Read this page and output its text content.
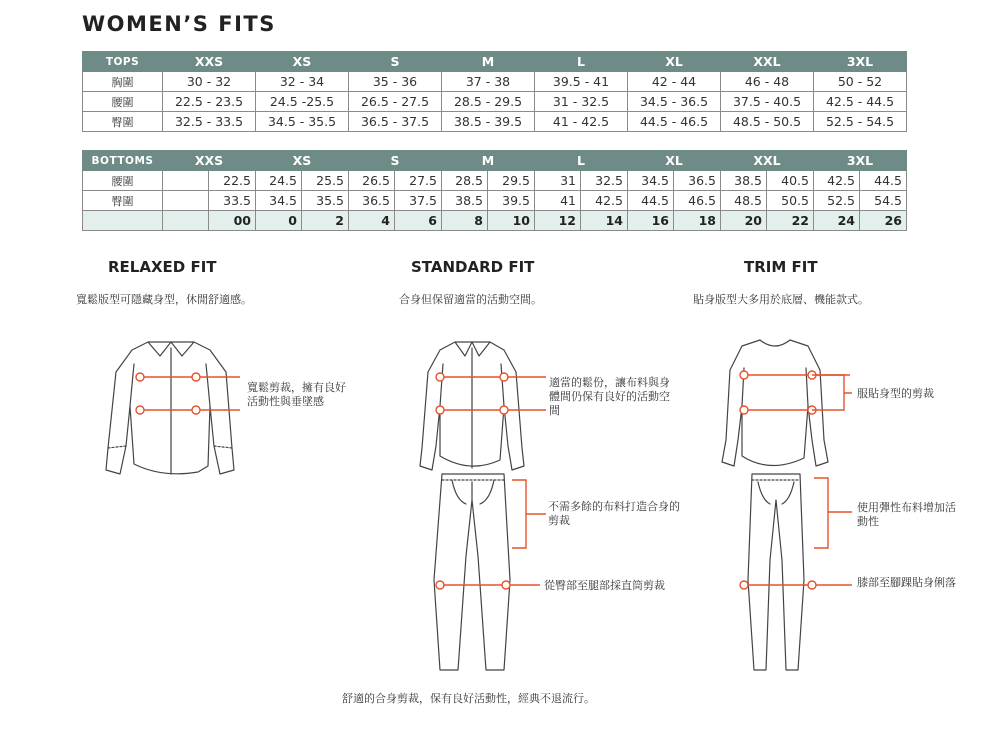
WOMEN’S FITS
TOPS	XXS	XS	S	M	L	XL	XXL	3XL
胸圍	30 - 32	32 - 34	35 - 36	37 - 38	39.5 - 41	42 - 44	46 - 48	50 - 52
腰圍	22.5 - 23.5	24.5 -25.5	26.5 - 27.5	28.5 - 29.5	31 - 32.5	34.5 - 36.5	37.5 - 40.5	42.5 - 44.5
臀圍	32.5 - 33.5	34.5 - 35.5	36.5 - 37.5	38.5 - 39.5	41 - 42.5	44.5 - 46.5	48.5 - 50.5	52.5 - 54.5
BOTTOMS	XXS		XS		S		M		L		XL		XXL		3XL	
腰圍		22.5	24.5	25.5	26.5	27.5	28.5	29.5	31	32.5	34.5	36.5	38.5	40.5	42.5	44.5
臀圍		33.5	34.5	35.5	36.5	37.5	38.5	39.5	41	42.5	44.5	46.5	48.5	50.5	52.5	54.5
		00	0	2	4	6	8	10	12	14	16	18	20	22	24	26
RELAXED FIT	STANDARD FIT	TRIM FIT
寬鬆版型可隱藏身型，休閒舒適感。	合身但保留適當的活動空間。	貼身版型大多用於底層、機能款式。
寬鬆剪裁，擁有良好活動性與垂墜感
適當的鬆份，讓布料與身體間仍保有良好的活動空間
不需多餘的布料打造合身的剪裁
從臀部至腿部採直筒剪裁
服貼身型的剪裁
使用彈性布料增加活動性
膝部至腳踝貼身俐落
舒適的合身剪裁，保有良好活動性，經典不退流行。
